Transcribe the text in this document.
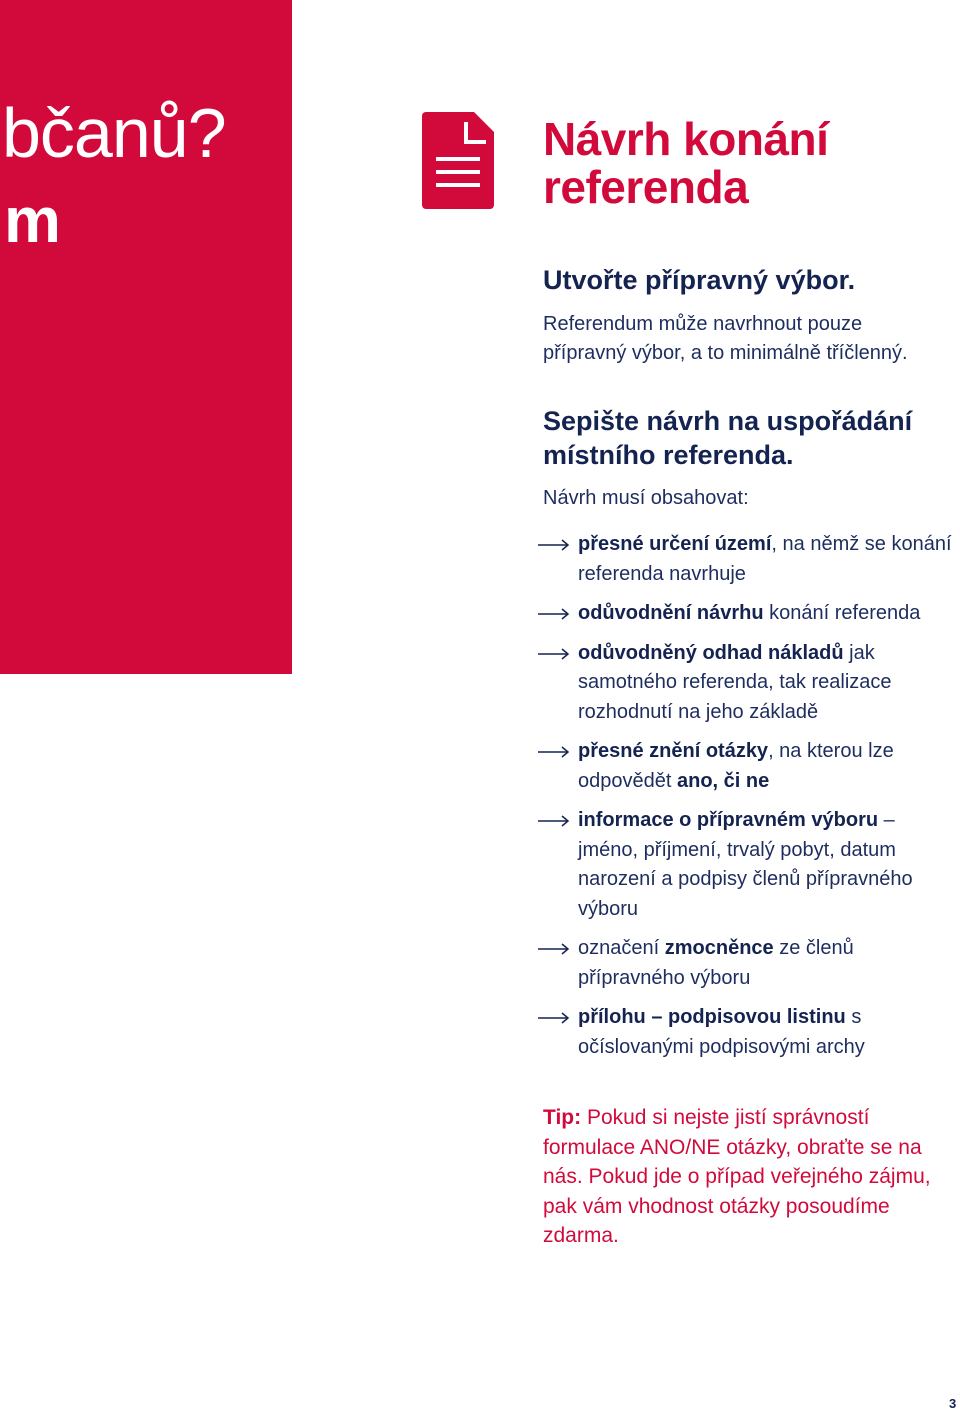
bčanů?
m
Návrh konání referenda
Utvořte přípravný výbor.

Referendum může navrhnout pouze přípravný výbor, a to minimálně tříčlenný.

Sepište návrh na uspořádání místního referenda.

Návrh musí obsahovat:

přesné určení území, na němž se konání referenda navrhuje
odůvodnění návrhu konání referenda
odůvodněný odhad nákladů jak samotného referenda, tak realizace rozhodnutí na jeho základě
přesné znění otázky, na kterou lze odpovědět ano, či ne
informace o přípravném výboru – jméno, příjmení, trvalý pobyt, datum narození a podpisy členů přípravného výboru
označení zmocněnce ze členů přípravného výboru
přílohu – podpisovou listinu s očíslovanými podpisovými archy

Tip: Pokud si nejste jistí správností formulace ANO/NE otázky, obraťte se na nás. Pokud jde o případ veřejného zájmu, pak vám vhodnost otázky posoudíme zdarma.

3
